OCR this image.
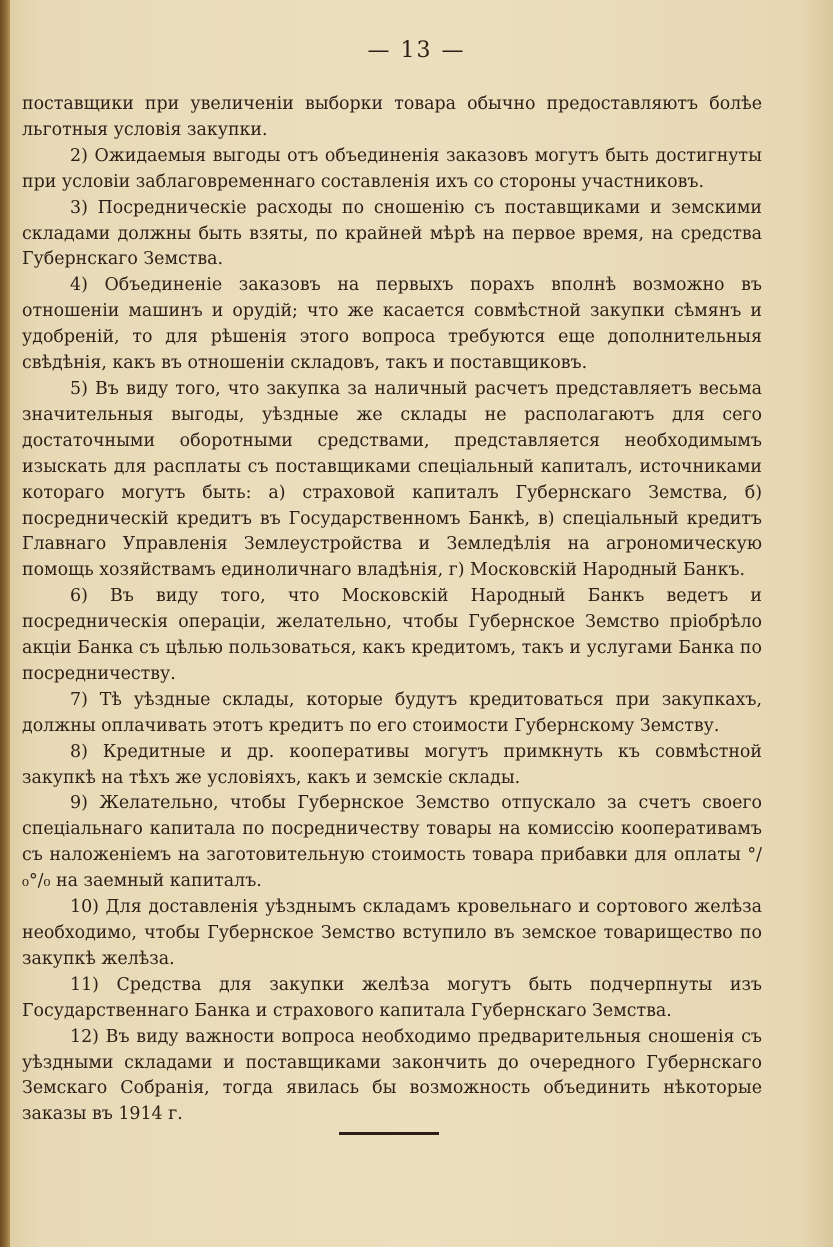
— 13 —

поставщики при увеличенiи выборки товара обычно предоставляютъ болѣе льготныя условiя закупки.

2) Ожидаемыя выгоды отъ объединенiя заказовъ могутъ быть достигнуты при условiи заблаговременнаго составленiя ихъ со стороны участниковъ.

3) Посредническiе расходы по сношенiю съ поставщиками и земскими складами должны быть взяты, по крайней мѣрѣ на первое время, на средства Губернскаго Земства.

4) Объединенiе заказовъ на первыхъ порахъ вполнѣ возможно въ отношенiи машинъ и орудiй; что же касается совмѣстной закупки сѣмянъ и удобренiй, то для рѣшенiя этого вопроса требуются еще дополнительныя свѣдѣнiя, какъ въ отношенiи складовъ, такъ и поставщиковъ.

5) Въ виду того, что закупка за наличный расчетъ представляетъ весьма значительныя выгоды, уѣздные же склады не располагаютъ для сего достаточными оборотными средствами, представляется необходимымъ изыскать для расплаты съ поставщиками спецiальный капиталъ, источниками котораго могутъ быть: а) страховой капиталъ Губернскаго Земства, б) посредническiй кредитъ въ Государственномъ Банкѣ, в) спецiальный кредитъ Главнаго Управленiя Землеустройства и Земледѣлiя на агрономическую помощь хозяйствамъ единоличнаго владѣнiя, г) Московскiй Народный Банкъ.

6) Въ виду того, что Московскiй Народный Банкъ ведетъ и посредническiя операцiи, желательно, чтобы Губернское Земство прiобрѣло акцiи Банка съ цѣлью пользоваться, какъ кредитомъ, такъ и услугами Банка по посредничеству.

7) Тѣ уѣздные склады, которые будутъ кредитоваться при закупкахъ, должны оплачивать этотъ кредитъ по его стоимости Губернскому Земству.

8) Кредитные и др. кооперативы могутъ примкнуть къ совмѣстной закупкѣ на тѣхъ же условiяхъ, какъ и земскiе склады.

9) Желательно, чтобы Губернское Земство отпускало за счетъ своего спецiальнаго капитала по посредничеству товары на комиссiю кооперативамъ съ наложенiемъ на заготовительную стоимость товара прибавки для оплаты °/₀°/₀ на заемный капиталъ.

10) Для доставленiя уѣзднымъ складамъ кровельнаго и сортового желѣза необходимо, чтобы Губернское Земство вступило въ земское товарищество по закупкѣ желѣза.

11) Средства для закупки желѣза могутъ быть подчерпнуты изъ Государственнаго Банка и страхового капитала Губернскаго Земства.

12) Въ виду важности вопроса необходимо предварительныя сношенiя съ уѣздными складами и поставщиками закончить до очередного Губернскаго Земскаго Собранiя, тогда явилась бы возможность объединить нѣкоторые заказы въ 1914 г.
